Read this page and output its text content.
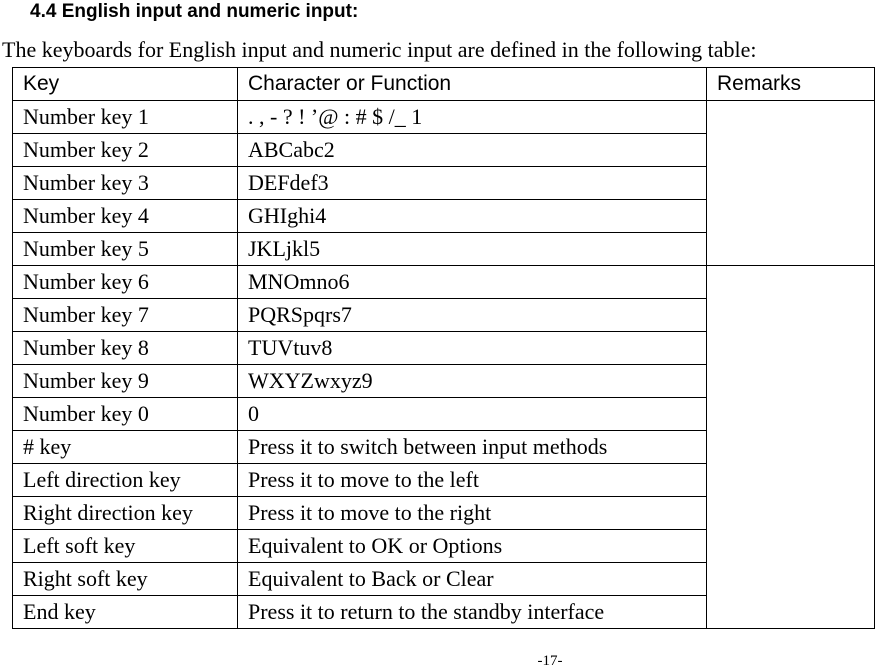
4.4 English input and numeric input:
The keyboards for English input and numeric input are defined in the following table:
Key	Character or Function	Remarks
Number key 1	. , - ? ! ’@ : # $ /_ 1	
Number key 2	ABCabc2	
Number key 3	DEFdef3	
Number key 4	GHIghi4	
Number key 5	JKLjkl5	
Number key 6	MNOmno6	
Number key 7	PQRSpqrs7	
Number key 8	TUVtuv8	
Number key 9	WXYZwxyz9	
Number key 0	0	
# key	Press it to switch between input methods	
Left direction key	Press it to move to the left	
Right direction key	Press it to move to the right	
Left soft key	Equivalent to OK or Options	
Right soft key	Equivalent to Back or Clear	
End key	Press it to return to the standby interface	
-17-
